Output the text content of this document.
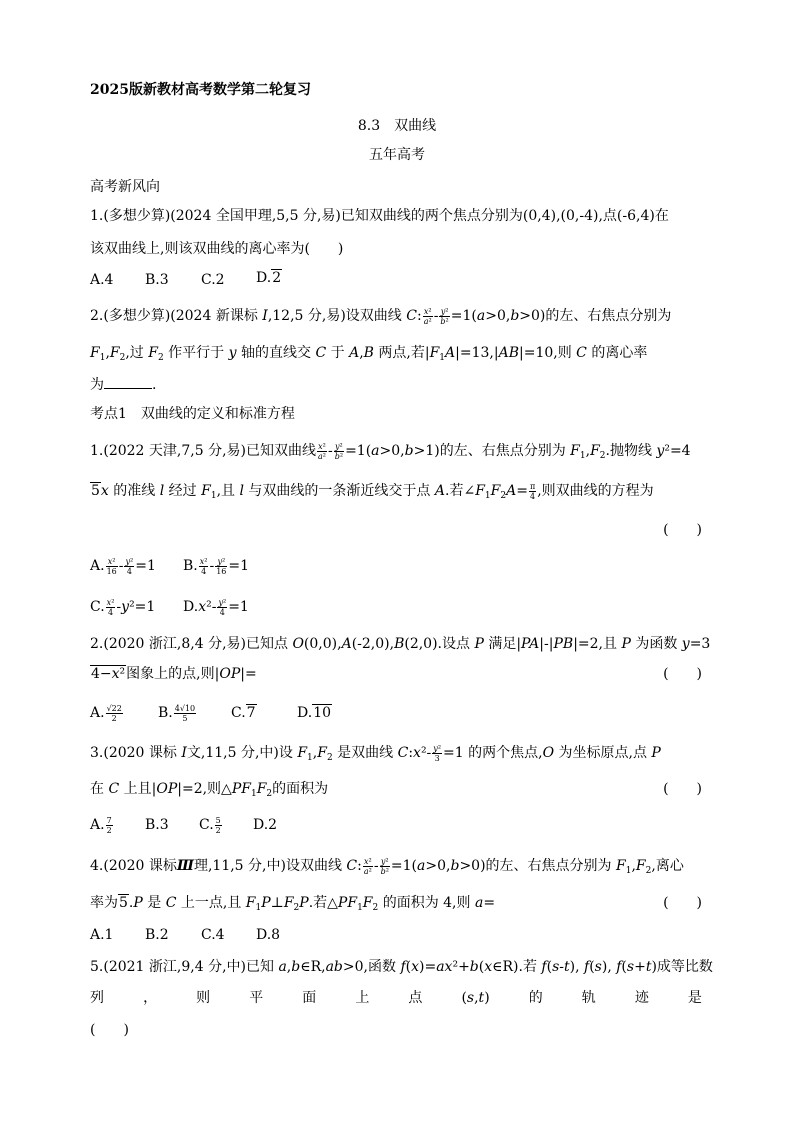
2025版新教材高考数学第二轮复习
8.3　双曲线
五年高考
高考新风向
1.(多想少算)(2024 全国甲理,5,5 分,易)已知双曲线的两个焦点分别为(0,4),(0,-4),点(-6,4)在
该双曲线上,则该双曲线的离心率为(　　)
A.4 B.3 C.2 D.2
2.(多想少算)(2024 新课标 Ⅰ,12,5 分,易)设双曲线 C: $\frac{\text{x²}}{\text{a²}} - \frac{\text{y²}}{\text{b²}} =1(a>0,b>0)$的左、右焦点分别为
$F_1,F_2$,过 $F_2$ 作平行于 y 轴的直线交 C 于 A,B 两点,若$|F_1A|=13,|AB|=10$,则 C 的离心率
为	.
考点1　双曲线的定义和标准方程
1.(2022 天津,7,5 分,易)已知双曲线 $\frac{\text{x²}}{\text{a²}} - \frac{\text{y²}}{\text{b²}} =1(a>0,b>1)$的左、右焦点分别为 $F_1,F_2$.抛物线 y²=4
5x 的准线 l 经过 $F_1$,且 l 与双曲线的一条渐近线交于点 A.若$\angle F_1F_2A= \frac{\pi}{4}$ ,则双曲线的方程为
(　　)
A. $\frac{\text{x²}}{16} - \frac{\text{y²}}{4} =1$ B. $\frac{\text{x²}}{4} - \frac{\text{y²}}{16} =1$
C. $\frac{\text{x²}}{4} -y^2=1$ $D.x^2- \frac{\text{y²}}{4} =1$
2.(2020 浙江,8,4 分,易)已知点 O(0,0),A(-2,0),B(2,0).设点 P 满足|PA|-|PB|=2,且 P 为函数 y=3
4−x²图象上的点,则|OP|=	(　　)
A. $\frac{√22}{2}$	B. $\frac{4√10}{5} C.7$	D.10
3.(2020 课标 Ⅰ文,11,5 分,中)设 $F_1,F_2$ 是双曲线 C:x²- $\frac{\text{y²}}{3} =1$ 的两个焦点,O 为坐标原点,点 P
在 C 上且|OP|=2,则$\triangle PF_1F_2$的面积为	(　　)
A. $\frac{7}{2} B.3$ C. $\frac{5}{2} D.2$
4.(2020 课标Ⅲ理,11,5 分,中)设双曲线 C: $\frac{\text{x²}}{\text{a²}} - \frac{\text{y²}}{\text{b²}} =1(a>0,b>0)$的左、右焦点分别为 $F_1,F_2$,离心
率为5.P 是 C 上一点,且 $F_1P\perp F_2P$.若$\triangle PF_1F_2$ 的面积为 4,则 a=	(　　)
A.1 B.2 C.4 D.8
5.(2021 浙江,9,4 分,中)已知 a,b∈R,ab>0,函数 f(x)=ax²+b(x∈R).若 f(s-t), f(s), f(s+t)成等比数
列	，	则	平	面	上	点	(s,t)	的	轨	迹	是
(　　)
